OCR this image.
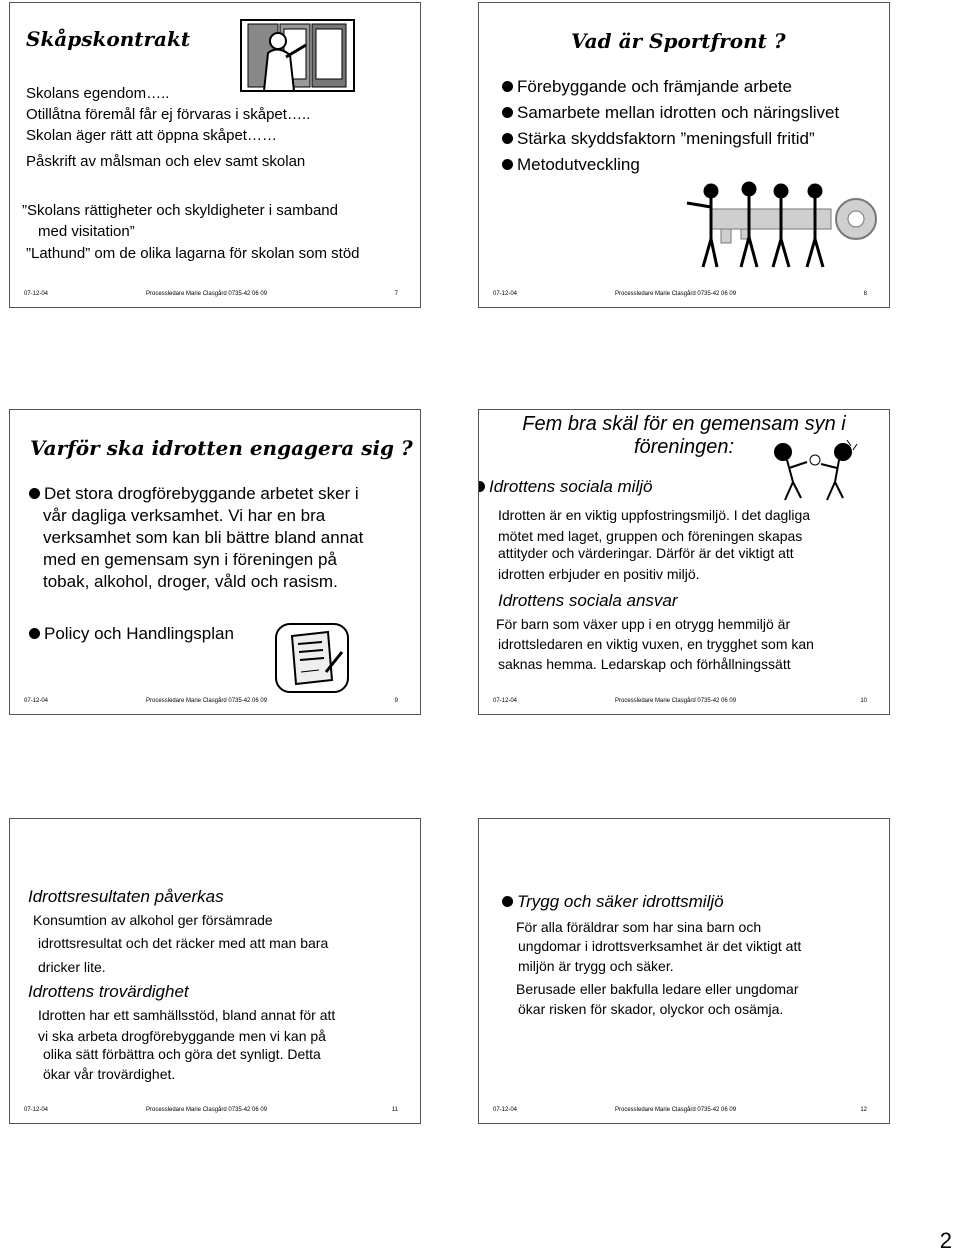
Skåpskontrakt
Skolans egendom…..
Otillåtna föremål får ej förvaras i skåpet…..
Skolan äger rätt att öppna skåpet……
Påskrift av målsman och elev samt skolan
”Skolans rättigheter och skyldigheter i samband
med visitation”
”Lathund” om de olika lagarna för skolan som stöd
07-12-04	Processledare Marie Clasgård 0735-42 06 09	7
Vad är Sportfront ?
Förebyggande och främjande arbete
Samarbete mellan idrotten och näringslivet
Stärka skyddsfaktorn ”meningsfull fritid”
Metodutveckling
07-12-04	Processledare Marie Clasgård 0735-42 06 09	8
Varför ska idrotten engagera sig ?
Det stora drogförebyggande arbetet sker i
vår dagliga verksamhet. Vi har en bra
verksamhet som kan bli bättre bland annat
med en gemensam syn i föreningen på
tobak, alkohol, droger, våld och rasism.
Policy och Handlingsplan
07-12-04	Processledare Marie Clasgård 0735-42 06 09	9
Fem bra skäl för en gemensam syn i
föreningen:
Idrottens sociala miljö
Idrotten är en viktig uppfostringsmiljö. I det dagliga
mötet med laget, gruppen och föreningen skapas
attityder och värderingar. Därför är det viktigt att
idrotten erbjuder en positiv miljö.
Idrottens sociala ansvar
För barn som växer upp i en otrygg hemmiljö är
idrottsledaren en viktig vuxen, en trygghet som kan
saknas hemma. Ledarskap och förhållningssätt
07-12-04	Processledare Marie Clasgård 0735-42 06 09	10
Idrottsresultaten påverkas
Konsumtion av alkohol ger försämrade
idrottsresultat och det räcker med att man bara
dricker lite.
Idrottens trovärdighet
Idrotten har ett samhällsstöd, bland annat för att
vi ska arbeta drogförebyggande men vi kan på
olika sätt förbättra och göra det synligt. Detta
ökar vår trovärdighet.
07-12-04	Processledare Marie Clasgård 0735-42 06 09	11
Trygg och säker idrottsmiljö
För alla föräldrar som har sina barn och
ungdomar i idrottsverksamhet är det viktigt att
miljön är trygg och säker.
Berusade eller bakfulla ledare eller ungdomar
ökar risken för skador, olyckor och osämja.
07-12-04	Processledare Marie Clasgård 0735-42 06 09	12
2
